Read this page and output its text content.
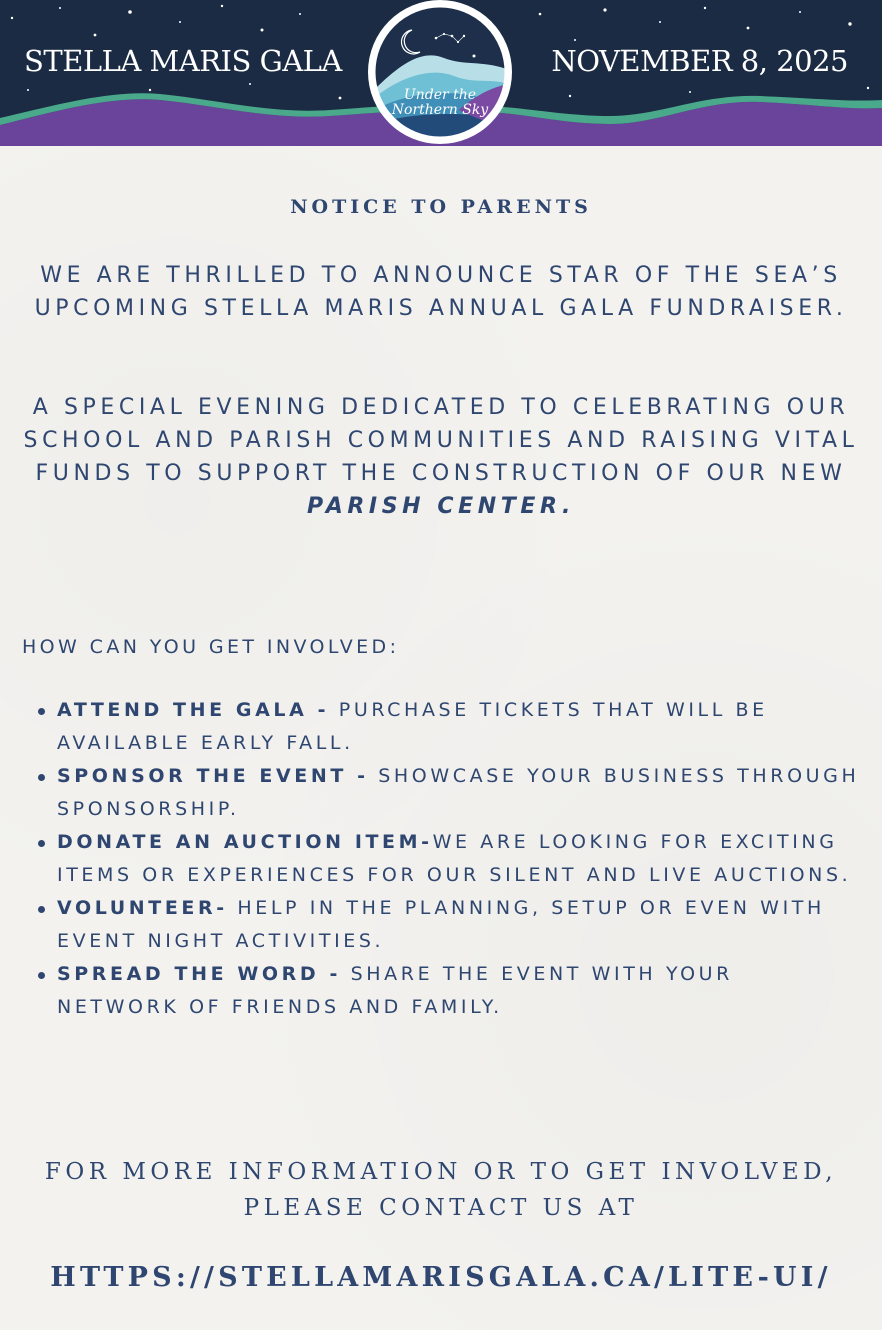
STELLA MARIS GALA	NOVEMBER 8, 2025
Under the
Northern Sky
NOTICE TO PARENTS
WE ARE THRILLED TO ANNOUNCE STAR OF THE SEA’S UPCOMING STELLA MARIS ANNUAL GALA FUNDRAISER.
A SPECIAL EVENING DEDICATED TO CELEBRATING OUR SCHOOL AND PARISH COMMUNITIES AND RAISING VITAL FUNDS TO SUPPORT THE CONSTRUCTION OF OUR NEW PARISH CENTER.
HOW CAN YOU GET INVOLVED:
ATTEND THE GALA - PURCHASE TICKETS THAT WILL BE AVAILABLE EARLY FALL.
SPONSOR THE EVENT - SHOWCASE YOUR BUSINESS THROUGH SPONSORSHIP.
DONATE AN AUCTION ITEM-WE ARE LOOKING FOR EXCITING ITEMS OR EXPERIENCES FOR OUR SILENT AND LIVE AUCTIONS.
VOLUNTEER- HELP IN THE PLANNING, SETUP OR EVEN WITH EVENT NIGHT ACTIVITIES.
SPREAD THE WORD - SHARE THE EVENT WITH YOUR NETWORK OF FRIENDS AND FAMILY.
FOR MORE INFORMATION OR TO GET INVOLVED,
PLEASE CONTACT US AT
HTTPS://STELLAMARISGALA.CA/LITE-UI/
